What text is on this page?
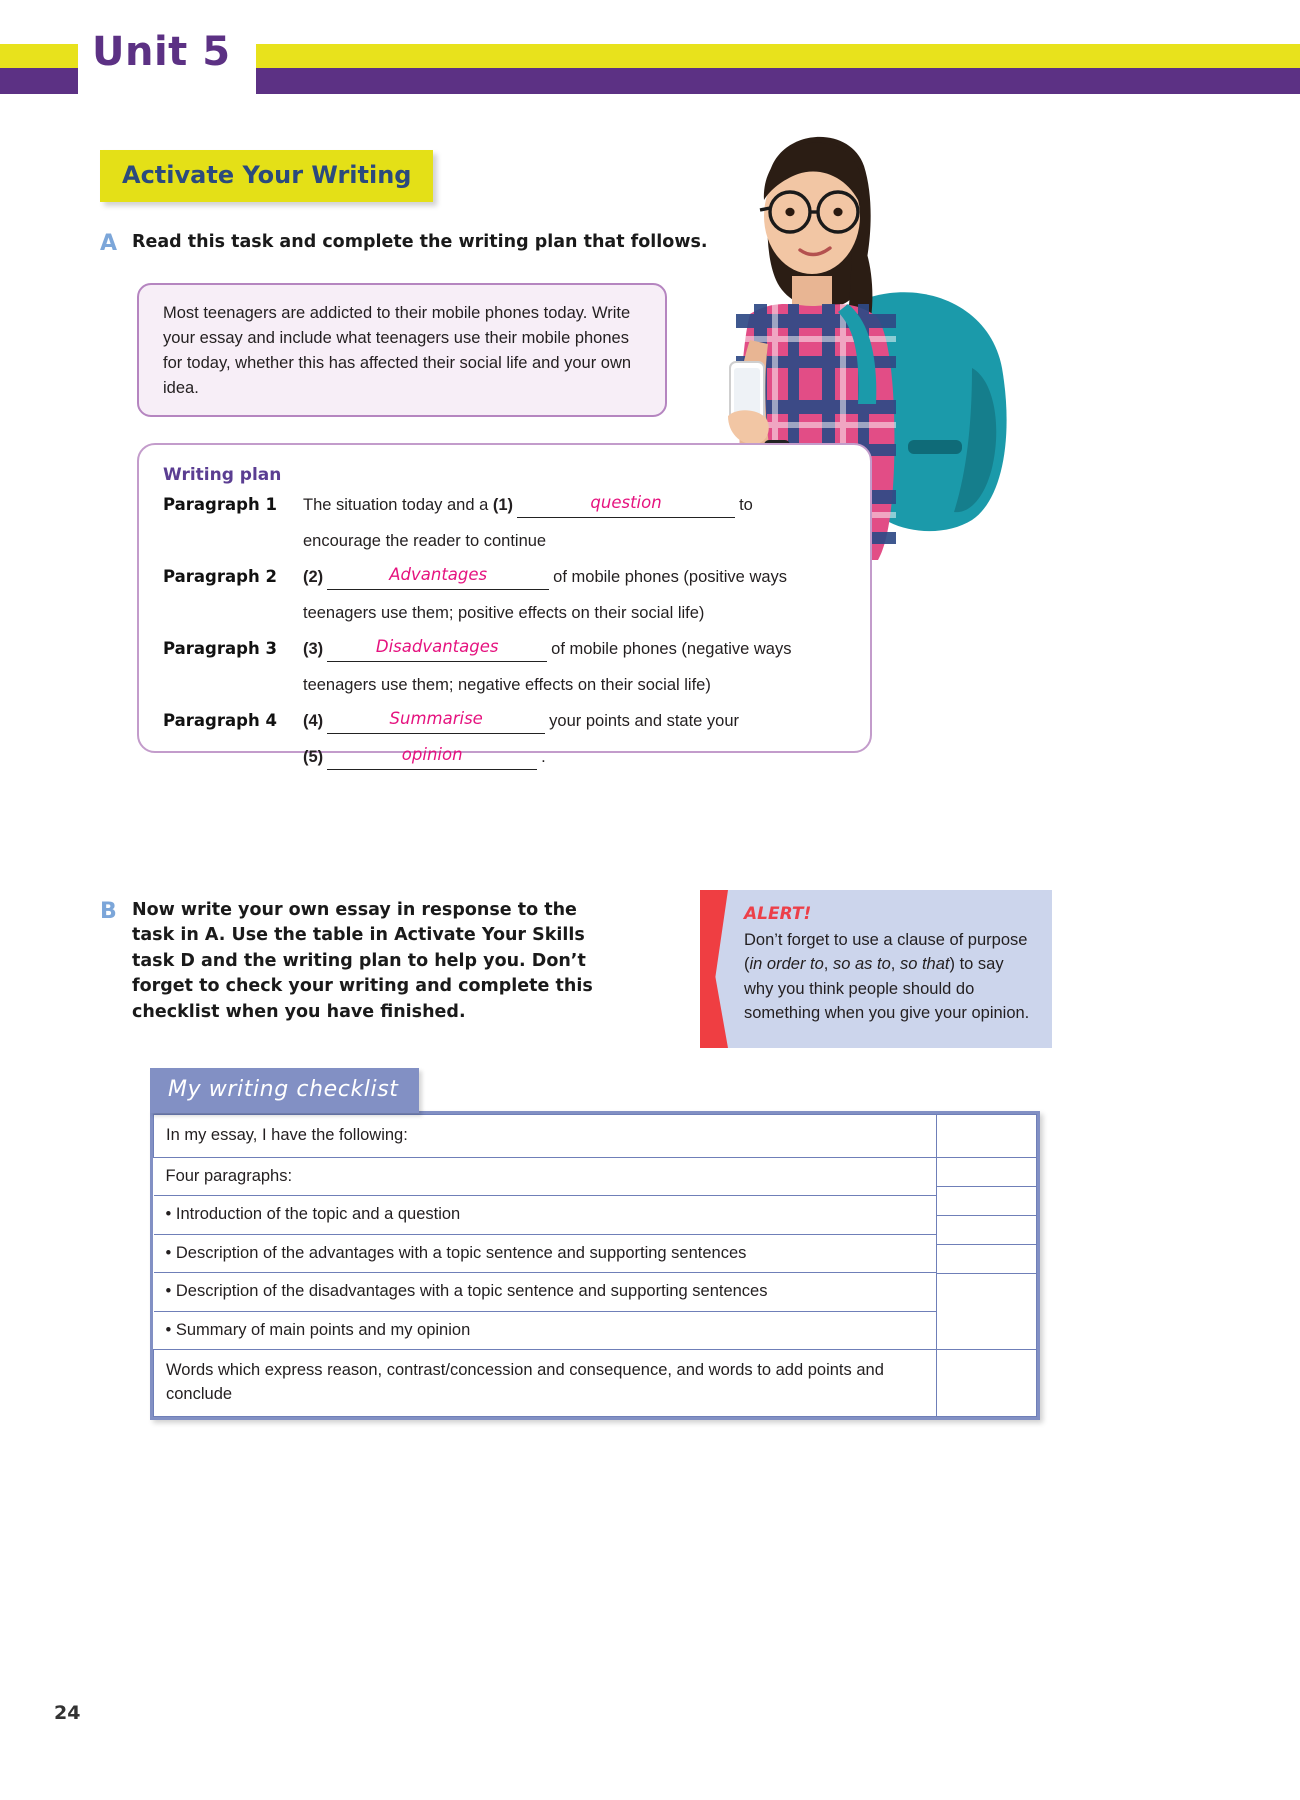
Unit 5
Activate Your Writing
A Read this task and complete the writing plan that follows.
Most teenagers are addicted to their mobile phones today. Write your essay and include what teenagers use their mobile phones for today, whether this has affected their social life and your own idea.
Writing plan
Paragraph 1	The situation today and a (1)	question	to
encourage the reader to continue
Paragraph 2	(2)	Advantages	of mobile phones (positive ways
teenagers use them; positive effects on their social life)
Paragraph 3	(3)	Disadvantages	of mobile phones (negative ways
teenagers use them; negative effects on their social life)
Paragraph 4	(4)	Summarise	your points and state your
(5)	opinion	.
B Now write your own essay in response to the task in A. Use the table in Activate Your Skills task D and the writing plan to help you. Don’t forget to check your writing and complete this checklist when you have finished.
ALERT!
Don’t forget to use a clause of purpose (in order to, so as to, so that) to say why you think people should do something when you give your opinion.
My writing checklist
In my essay, I have the following:	

Four paragraphs:
• Introduction of the topic and a question
• Description of the advantages with a topic sentence and supporting sentences
• Description of the disadvantages with a topic sentence and supporting sentences
• Summary of main points and my opinion	

Words which express reason, contrast/concession and consequence, and words to add points and conclude	
24
